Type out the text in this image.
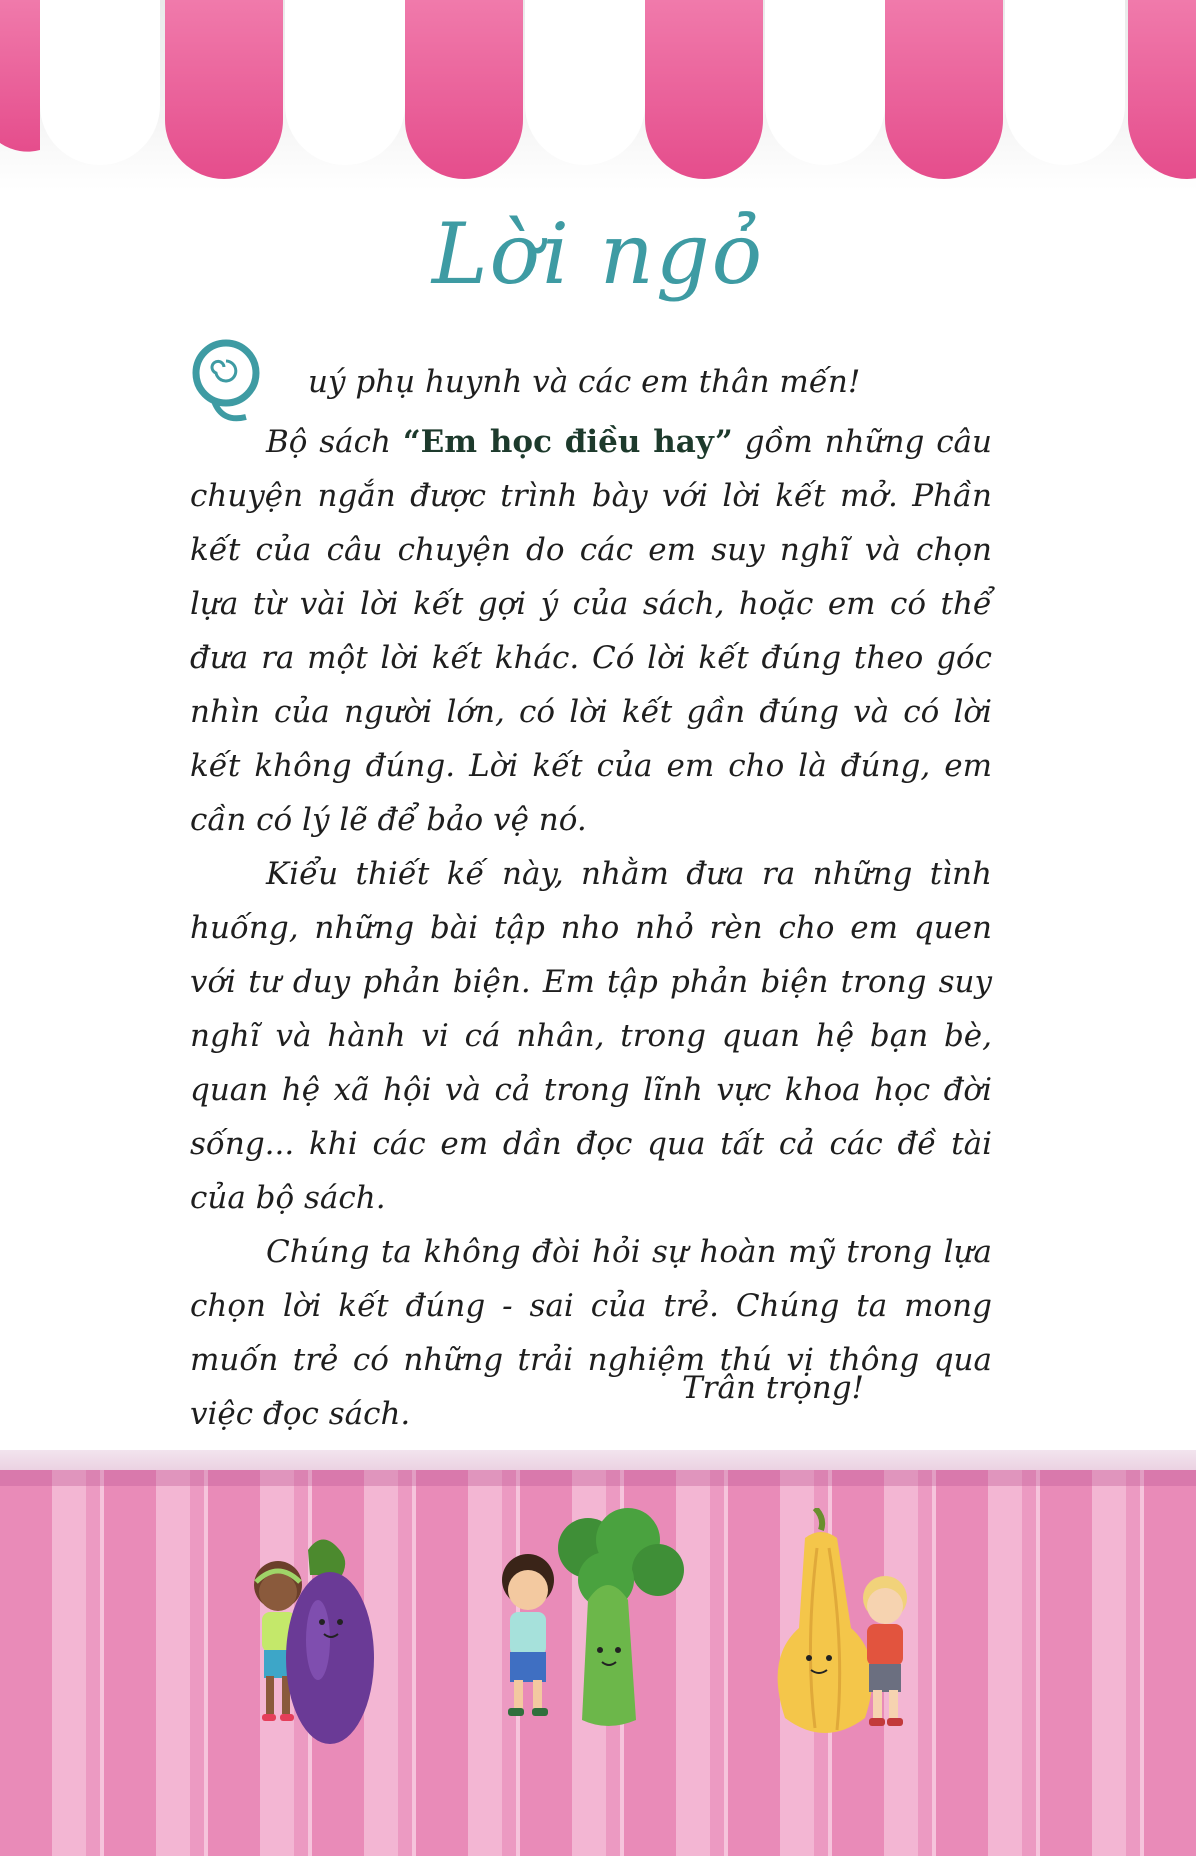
Lời ngỏ

uý phụ huynh và các em thân mến!

Bộ sách “Em học điều hay” gồm những câu chuyện ngắn được trình bày với lời kết mở. Phần kết của câu chuyện do các em suy nghĩ và chọn lựa từ vài lời kết gợi ý của sách, hoặc em có thể đưa ra một lời kết khác. Có lời kết đúng theo góc nhìn của người lớn, có lời kết gần đúng và có lời kết không đúng. Lời kết của em cho là đúng, em cần có lý lẽ để bảo vệ nó.

Kiểu thiết kế này, nhằm đưa ra những tình huống, những bài tập nho nhỏ rèn cho em quen với tư duy phản biện. Em tập phản biện trong suy nghĩ và hành vi cá nhân, trong quan hệ bạn bè, quan hệ xã hội và cả trong lĩnh vực khoa học đời sống... khi các em dần đọc qua tất cả các đề tài của bộ sách.

Chúng ta không đòi hỏi sự hoàn mỹ trong lựa chọn lời kết đúng - sai của trẻ. Chúng ta mong muốn trẻ có những trải nghiệm thú vị thông qua việc đọc sách.

Trân trọng!
